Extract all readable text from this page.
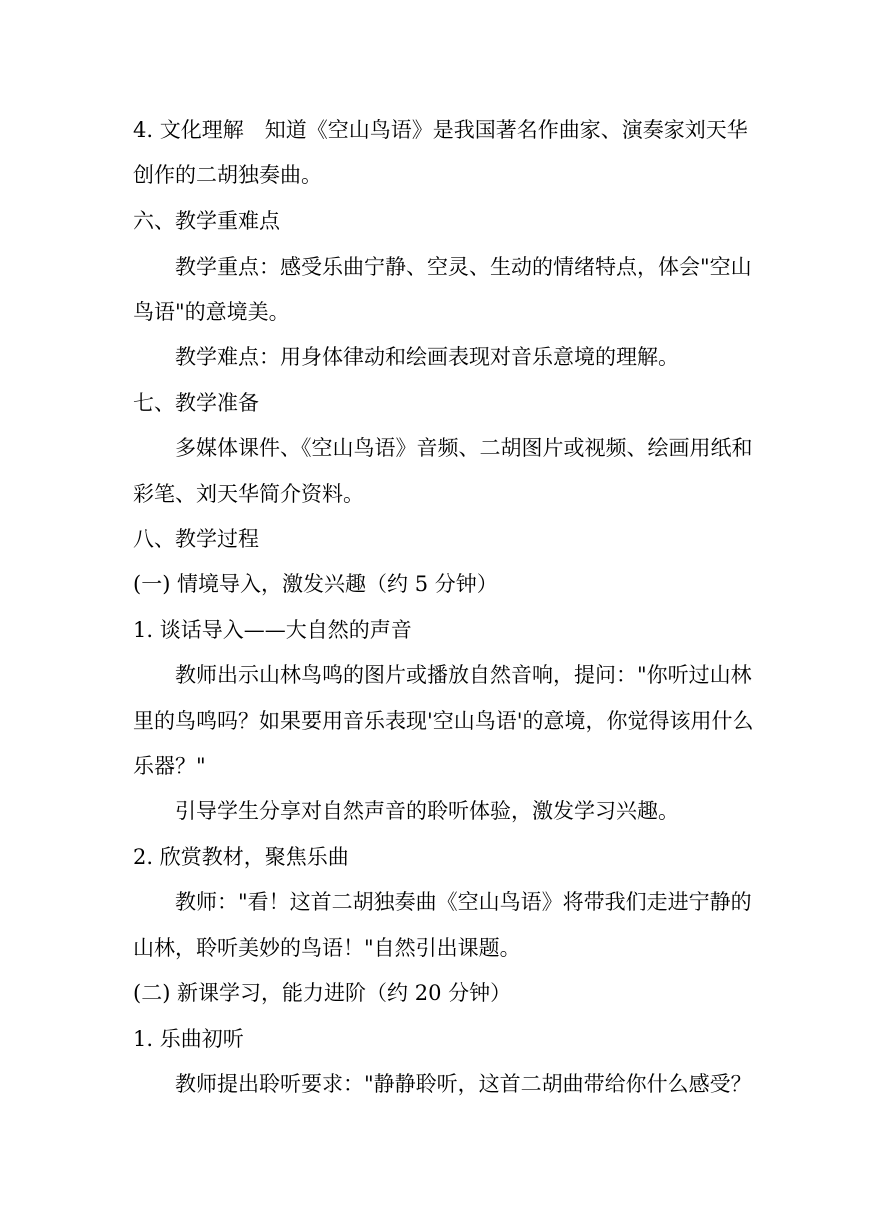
4. 文化理解　知道《空山鸟语》是我国著名作曲家、演奏家刘天华
创作的二胡独奏曲。
六、教学重难点
教学重点：感受乐曲宁静、空灵、生动的情绪特点，体会"空山
鸟语"的意境美。
教学难点：用身体律动和绘画表现对音乐意境的理解。
七、教学准备
多媒体课件、《空山鸟语》音频、二胡图片或视频、绘画用纸和
彩笔、刘天华简介资料。
八、教学过程
(一) 情境导入，激发兴趣（约 5 分钟）
1. 谈话导入——大自然的声音
教师出示山林鸟鸣的图片或播放自然音响，提问："你听过山林
里的鸟鸣吗？如果要用音乐表现'空山鸟语'的意境，你觉得该用什么
乐器？"
引导学生分享对自然声音的聆听体验，激发学习兴趣。
2. 欣赏教材，聚焦乐曲
教师："看！这首二胡独奏曲《空山鸟语》将带我们走进宁静的
山林，聆听美妙的鸟语！"自然引出课题。
(二) 新课学习，能力进阶（约 20 分钟）
1. 乐曲初听
教师提出聆听要求："静静聆听，这首二胡曲带给你什么感受？
